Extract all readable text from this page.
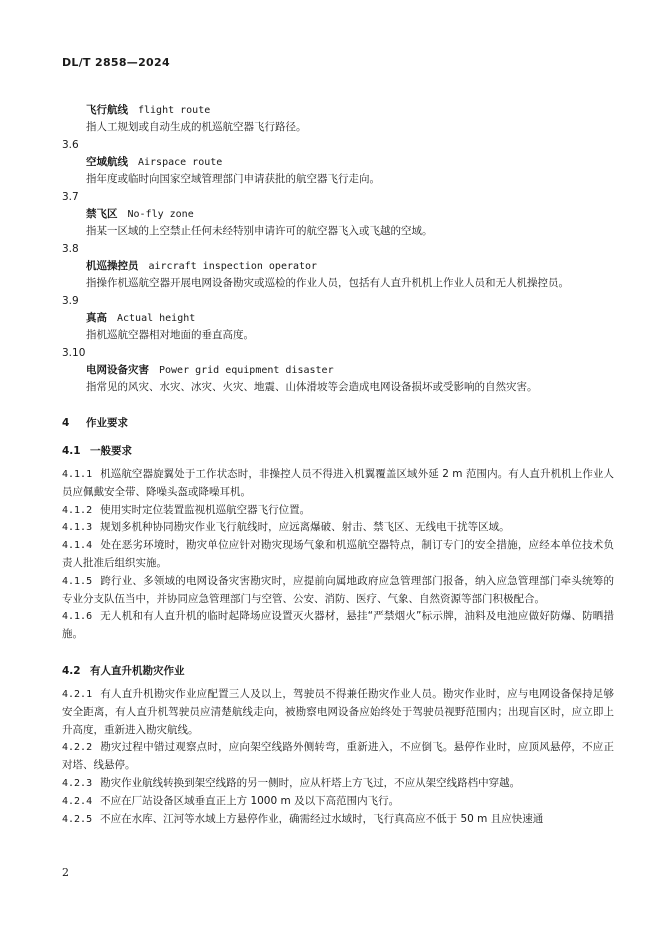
DL/T 2858—2024
飞行航线 flight route
指人工规划或自动生成的机巡航空器飞行路径。
3.6
空域航线 Airspace route
指年度或临时向国家空域管理部门申请获批的航空器飞行走向。
3.7
禁飞区 No-fly zone
指某一区域的上空禁止任何未经特别申请许可的航空器飞入或飞越的空域。
3.8
机巡操控员 aircraft inspection operator
指操作机巡航空器开展电网设备勘灾或巡检的作业人员，包括有人直升机机上作业人员和无人机操控员。
3.9
真高 Actual height
指机巡航空器相对地面的垂直高度。
3.10
电网设备灾害 Power grid equipment disaster
指常见的风灾、水灾、冰灾、火灾、地震、山体滑坡等会造成电网设备损坏或受影响的自然灾害。
4 作业要求
4.1 一般要求
4.1.1 机巡航空器旋翼处于工作状态时，非操控人员不得进入机翼覆盖区域外延 2 m 范围内。有人直升机机上作业人员应佩戴安全带、降噪头盔或降噪耳机。
4.1.2 使用实时定位装置监视机巡航空器飞行位置。
4.1.3 规划多机种协同勘灾作业飞行航线时，应远离爆破、射击、禁飞区、无线电干扰等区域。
4.1.4 处在恶劣环境时，勘灾单位应针对勘灾现场气象和机巡航空器特点，制订专门的安全措施，应经本单位技术负责人批准后组织实施。
4.1.5 跨行业、多领域的电网设备灾害勘灾时，应提前向属地政府应急管理部门报备，纳入应急管理部门牵头统筹的专业分支队伍当中，并协同应急管理部门与空管、公安、消防、医疗、气象、自然资源等部门积极配合。
4.1.6 无人机和有人直升机的临时起降场应设置灭火器材，悬挂“严禁烟火”标示牌，油料及电池应做好防爆、防晒措施。
4.2 有人直升机勘灾作业
4.2.1 有人直升机勘灾作业应配置三人及以上，驾驶员不得兼任勘灾作业人员。勘灾作业时，应与电网设备保持足够安全距离，有人直升机驾驶员应清楚航线走向，被勘察电网设备应始终处于驾驶员视野范围内；出现盲区时，应立即上升高度，重新进入勘灾航线。
4.2.2 勘灾过程中错过观察点时，应向架空线路外侧转弯，重新进入，不应倒飞。悬停作业时，应顶风悬停，不应正对塔、线悬停。
4.2.3 勘灾作业航线转换到架空线路的另一侧时，应从杆塔上方飞过，不应从架空线路档中穿越。
4.2.4 不应在厂站设备区域垂直正上方 1000 m 及以下高范围内飞行。
4.2.5 不应在水库、江河等水域上方悬停作业，确需经过水域时，飞行真高应不低于 50 m 且应快速通
2
